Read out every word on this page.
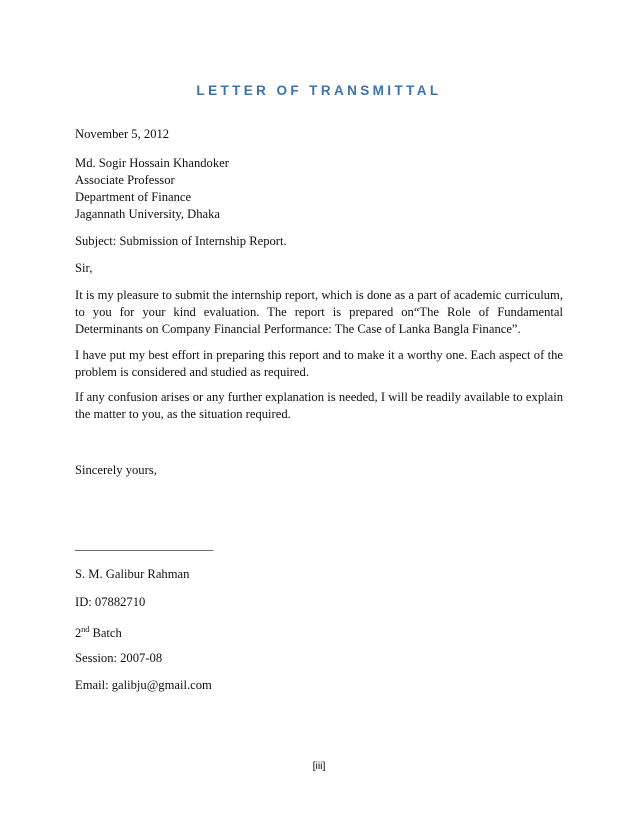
LETTER OF TRANSMITTAL
November 5, 2012
Md. Sogir Hossain Khandoker
Associate Professor
Department of Finance
Jagannath University, Dhaka
Subject: Submission of Internship Report.
Sir,
It is my pleasure to submit the internship report, which is done as a part of academic curriculum,
to you for your kind evaluation. The report is prepared on“The Role of Fundamental
Determinants on Company Financial Performance: The Case of Lanka Bangla Finance”.
I have put my best effort in preparing this report and to make it a worthy one. Each aspect of the
problem is considered and studied as required.
If any confusion arises or any further explanation is needed, I will be readily available to explain
the matter to you, as the situation required.
Sincerely yours,
______________________
S. M. Galibur Rahman
ID: 07882710
2nd Batch
Session: 2007-08
Email: galibju@gmail.com
[iii]
